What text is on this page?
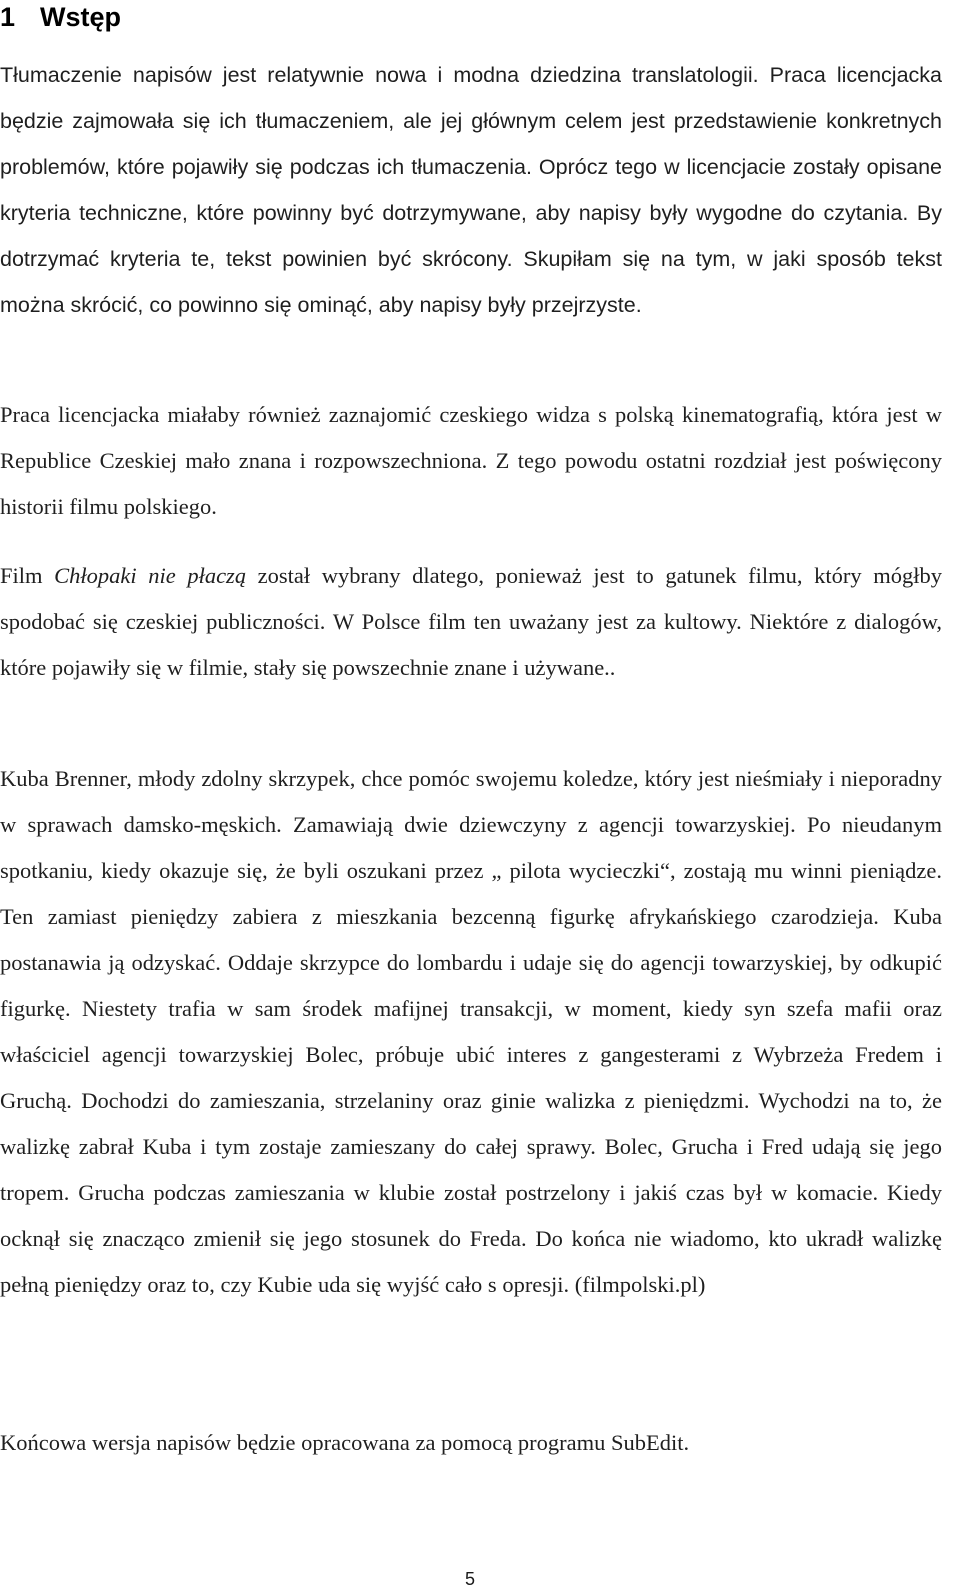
1 Wstęp

Tłumaczenie napisów jest relatywnie nowa i modna dziedzina translatologii. Praca licencjacka będzie zajmowała się ich tłumaczeniem, ale jej głównym celem jest przedstawienie konkretnych problemów, które pojawiły się podczas ich tłumaczenia. Oprócz tego w licencjacie zostały opisane kryteria techniczne, które powinny być dotrzymywane, aby napisy były wygodne do czytania. By dotrzymać kryteria te, tekst powinien być skrócony. Skupiłam się na tym, w jaki sposób tekst można skrócić, co powinno się ominąć, aby napisy były przejrzyste.

Praca licencjacka miałaby również zaznajomić czeskiego widza s polską kinematografią, która jest w Republice Czeskiej mało znana i rozpowszechniona. Z tego powodu ostatni rozdział jest poświęcony historii filmu polskiego.

Film Chłopaki nie płaczą został wybrany dlatego, ponieważ jest to gatunek filmu, który mógłby spodobać się czeskiej publiczności. W Polsce film ten uważany jest za kultowy. Niektóre z dialogów, które pojawiły się w filmie, stały się powszechnie znane i używane..

Kuba Brenner, młody zdolny skrzypek, chce pomóc swojemu koledze, który jest nieśmiały i nieporadny w sprawach damsko-męskich. Zamawiają dwie dziewczyny z agencji towarzyskiej. Po nieudanym spotkaniu, kiedy okazuje się, że byli oszukani przez „ pilota wycieczki“, zostają mu winni pieniądze. Ten zamiast pieniędzy zabiera z mieszkania bezcenną figurkę afrykańskiego czarodzieja. Kuba postanawia ją odzyskać. Oddaje skrzypce do lombardu i udaje się do agencji towarzyskiej, by odkupić figurkę. Niestety trafia w sam środek mafijnej transakcji, w moment, kiedy syn szefa mafii oraz właściciel agencji towarzyskiej Bolec, próbuje ubić interes z gangesterami z Wybrzeża Fredem i Gruchą. Dochodzi do zamieszania, strzelaniny oraz ginie walizka z pieniędzmi. Wychodzi na to, że walizkę zabrał Kuba i tym zostaje zamieszany do całej sprawy. Bolec, Grucha i Fred udają się jego tropem. Grucha podczas zamieszania w klubie został postrzelony i jakiś czas był w komacie. Kiedy ocknął się znacząco zmienił się jego stosunek do Freda. Do końca nie wiadomo, kto ukradł walizkę pełną pieniędzy oraz to, czy Kubie uda się wyjść cało s opresji. (filmpolski.pl)

Końcowa wersja napisów będzie opracowana za pomocą programu SubEdit.

5
